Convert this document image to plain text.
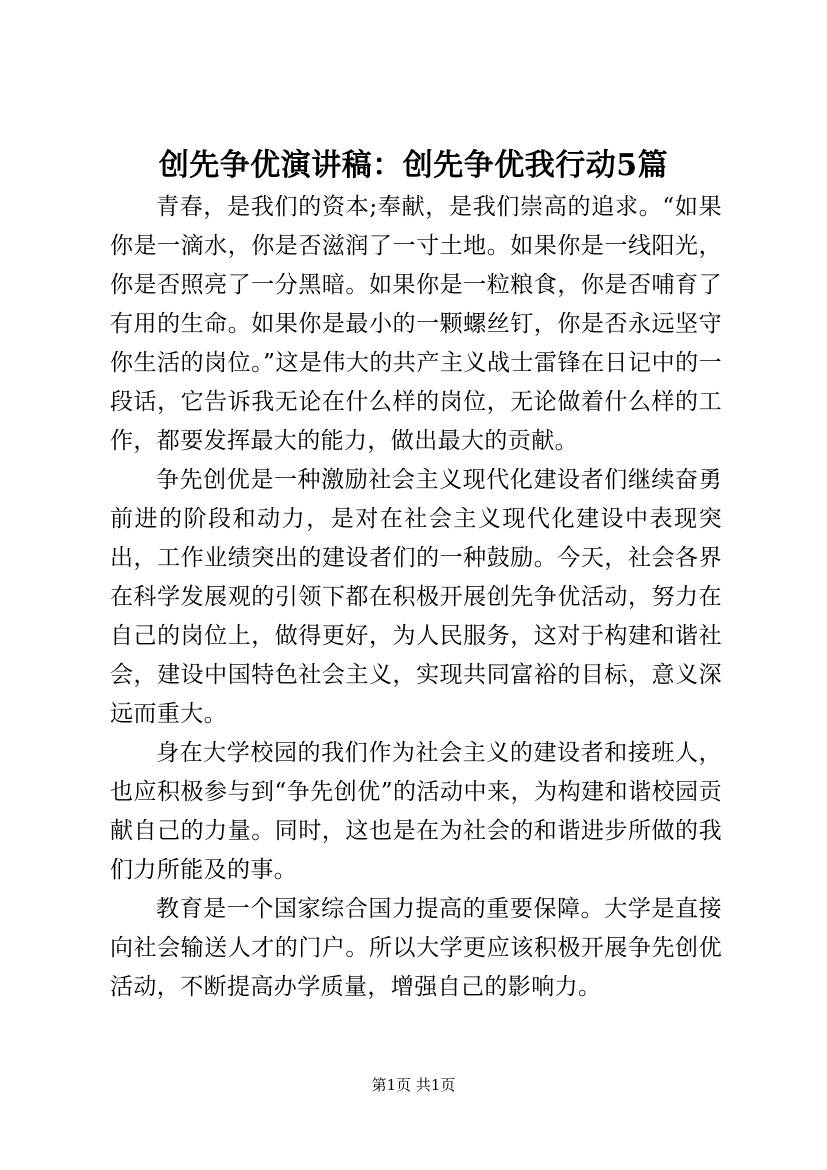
创先争优演讲稿：创先争优我行动5篇

青春，是我们的资本;奉献，是我们崇高的追求。“如果你是一滴水，你是否滋润了一寸土地。如果你是一线阳光，你是否照亮了一分黑暗。如果你是一粒粮食，你是否哺育了有用的生命。如果你是最小的一颗螺丝钉，你是否永远坚守你生活的岗位。”这是伟大的共产主义战士雷锋在日记中的一段话，它告诉我无论在什么样的岗位，无论做着什么样的工作，都要发挥最大的能力，做出最大的贡献。

争先创优是一种激励社会主义现代化建设者们继续奋勇前进的阶段和动力，是对在社会主义现代化建设中表现突出，工作业绩突出的建设者们的一种鼓励。今天，社会各界在科学发展观的引领下都在积极开展创先争优活动，努力在自己的岗位上，做得更好，为人民服务，这对于构建和谐社会，建设中国特色社会主义，实现共同富裕的目标，意义深远而重大。

身在大学校园的我们作为社会主义的建设者和接班人，也应积极参与到“争先创优”的活动中来，为构建和谐校园贡献自己的力量。同时，这也是在为社会的和谐进步所做的我们力所能及的事。

教育是一个国家综合国力提高的重要保障。大学是直接向社会输送人才的门户。所以大学更应该积极开展争先创优活动，不断提高办学质量，增强自己的影响力。

第1页 共1页
